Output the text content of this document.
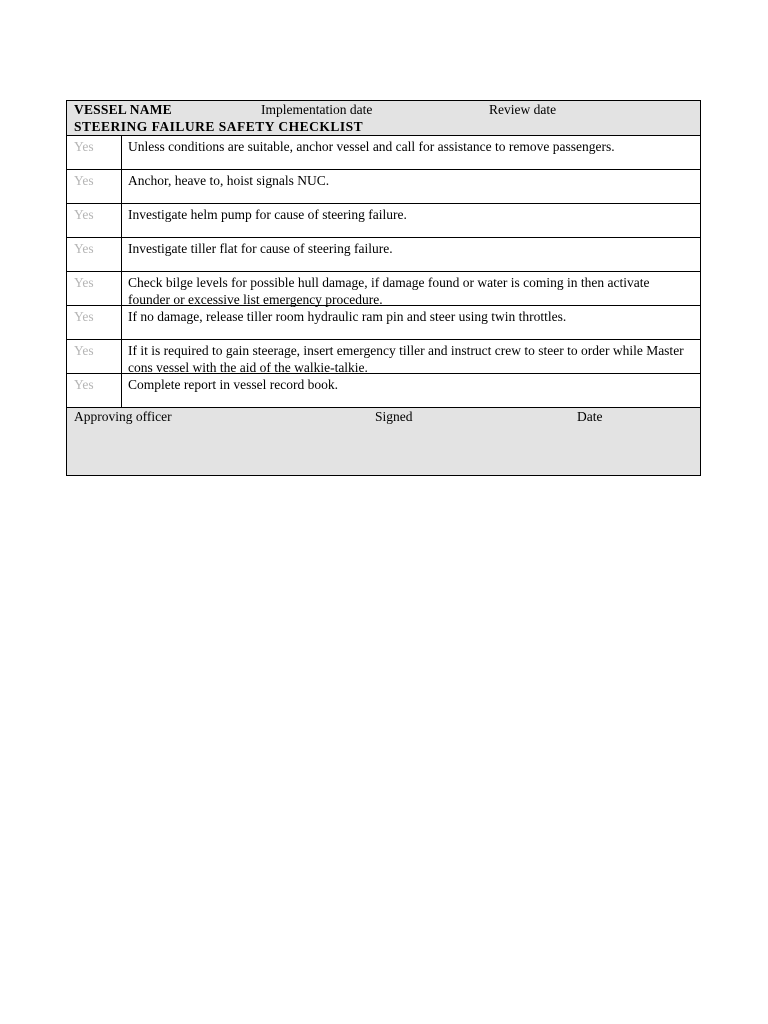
VESSEL NAME	Implementation date	Review date
STEERING FAILURE SAFETY CHECKLIST
Yes	Unless conditions are suitable, anchor vessel and call for assistance to remove passengers.
Yes	Anchor, heave to, hoist signals NUC.
Yes	Investigate helm pump for cause of steering failure.
Yes	Investigate tiller flat for cause of steering failure.
Yes	Check bilge levels for possible hull damage, if damage found or water is coming in then activate founder or excessive list emergency procedure.
Yes	If no damage, release tiller room hydraulic ram pin and steer using twin throttles.
Yes	If it is required to gain steerage, insert emergency tiller and instruct crew to steer to order while Master cons vessel with the aid of the walkie-talkie.
Yes	Complete report in vessel record book.
Approving officer	Signed	Date
